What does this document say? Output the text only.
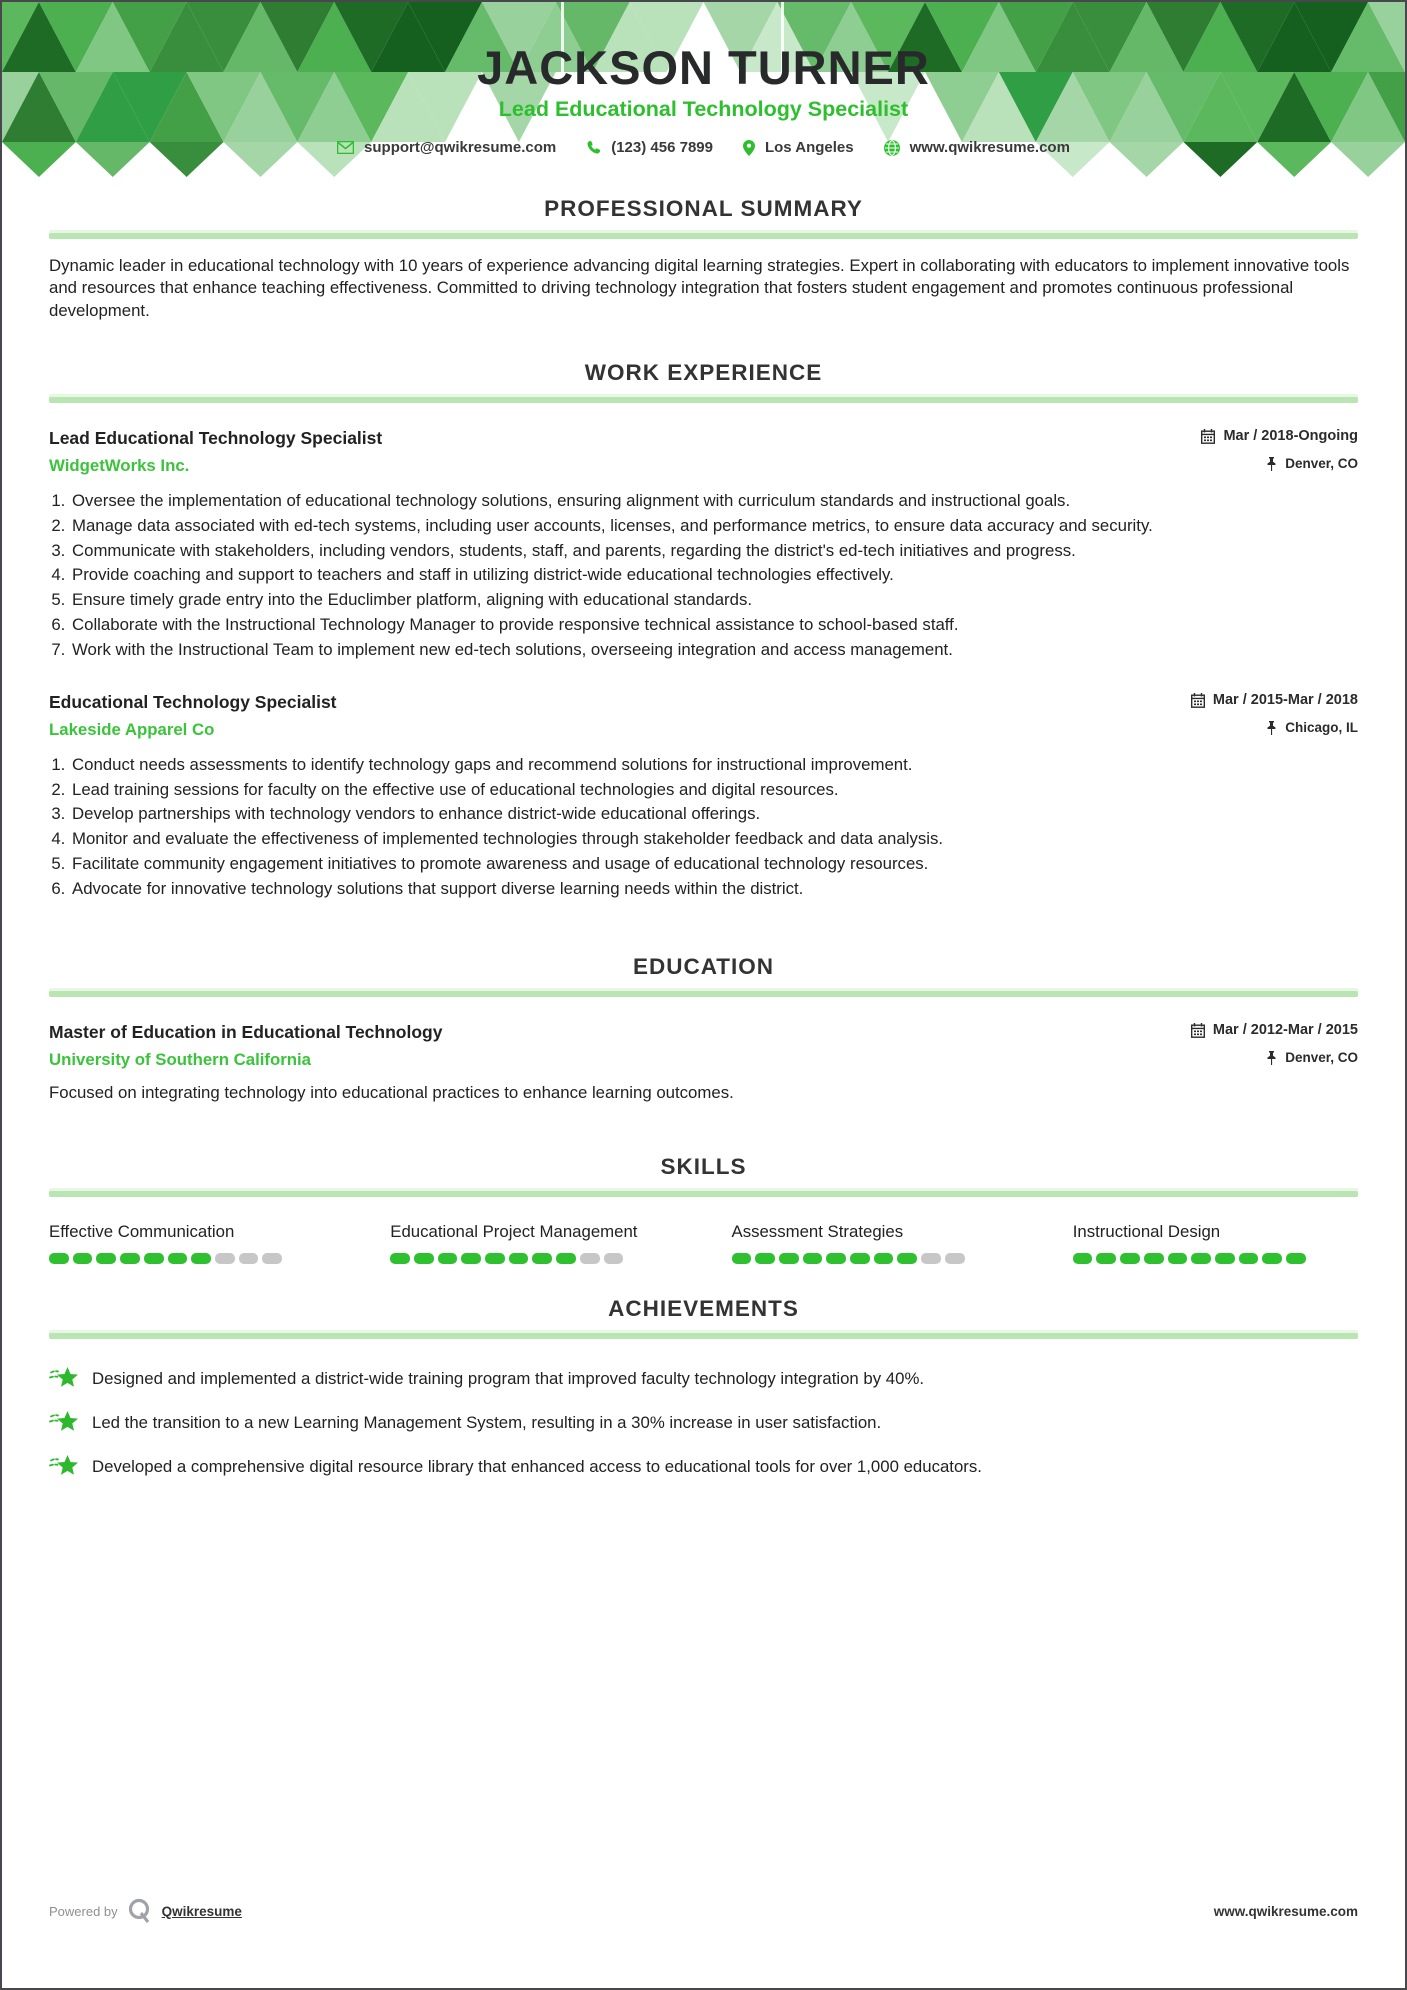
JACKSON TURNER
Lead Educational Technology Specialist
support@qwikresume.com	(123) 456 7899	Los Angeles	www.qwikresume.com
PROFESSIONAL SUMMARY

Dynamic leader in educational technology with 10 years of experience advancing digital learning strategies. Expert in collaborating with educators to implement innovative tools and resources that enhance teaching effectiveness. Committed to driving technology integration that fosters student engagement and promotes continuous professional development.

WORK EXPERIENCE
Lead Educational Technology Specialist	Mar / 2018-Ongoing
WidgetWorks Inc.	Denver, CO
1. Oversee the implementation of educational technology solutions, ensuring alignment with curriculum standards and instructional goals.
2. Manage data associated with ed-tech systems, including user accounts, licenses, and performance metrics, to ensure data accuracy and security.
3. Communicate with stakeholders, including vendors, students, staff, and parents, regarding the district's ed-tech initiatives and progress.
4. Provide coaching and support to teachers and staff in utilizing district-wide educational technologies effectively.
5. Ensure timely grade entry into the Educlimber platform, aligning with educational standards.
6. Collaborate with the Instructional Technology Manager to provide responsive technical assistance to school-based staff.
7. Work with the Instructional Team to implement new ed-tech solutions, overseeing integration and access management.
Educational Technology Specialist	Mar / 2015-Mar / 2018
Lakeside Apparel Co	Chicago, IL
1. Conduct needs assessments to identify technology gaps and recommend solutions for instructional improvement.
2. Lead training sessions for faculty on the effective use of educational technologies and digital resources.
3. Develop partnerships with technology vendors to enhance district-wide educational offerings.
4. Monitor and evaluate the effectiveness of implemented technologies through stakeholder feedback and data analysis.
5. Facilitate community engagement initiatives to promote awareness and usage of educational technology resources.
6. Advocate for innovative technology solutions that support diverse learning needs within the district.
EDUCATION
Master of Education in Educational Technology	Mar / 2012-Mar / 2015
University of Southern California	Denver, CO

Focused on integrating technology into educational practices to enhance learning outcomes.

SKILLS
Effective Communication	Educational Project Management	Assessment Strategies	Instructional Design
ACHIEVEMENTS
Designed and implemented a district-wide training program that improved faculty technology integration by 40%.
Led the transition to a new Learning Management System, resulting in a 30% increase in user satisfaction.
Developed a comprehensive digital resource library that enhanced access to educational tools for over 1,000 educators.
Powered by	Qwikresume	www.qwikresume.com
